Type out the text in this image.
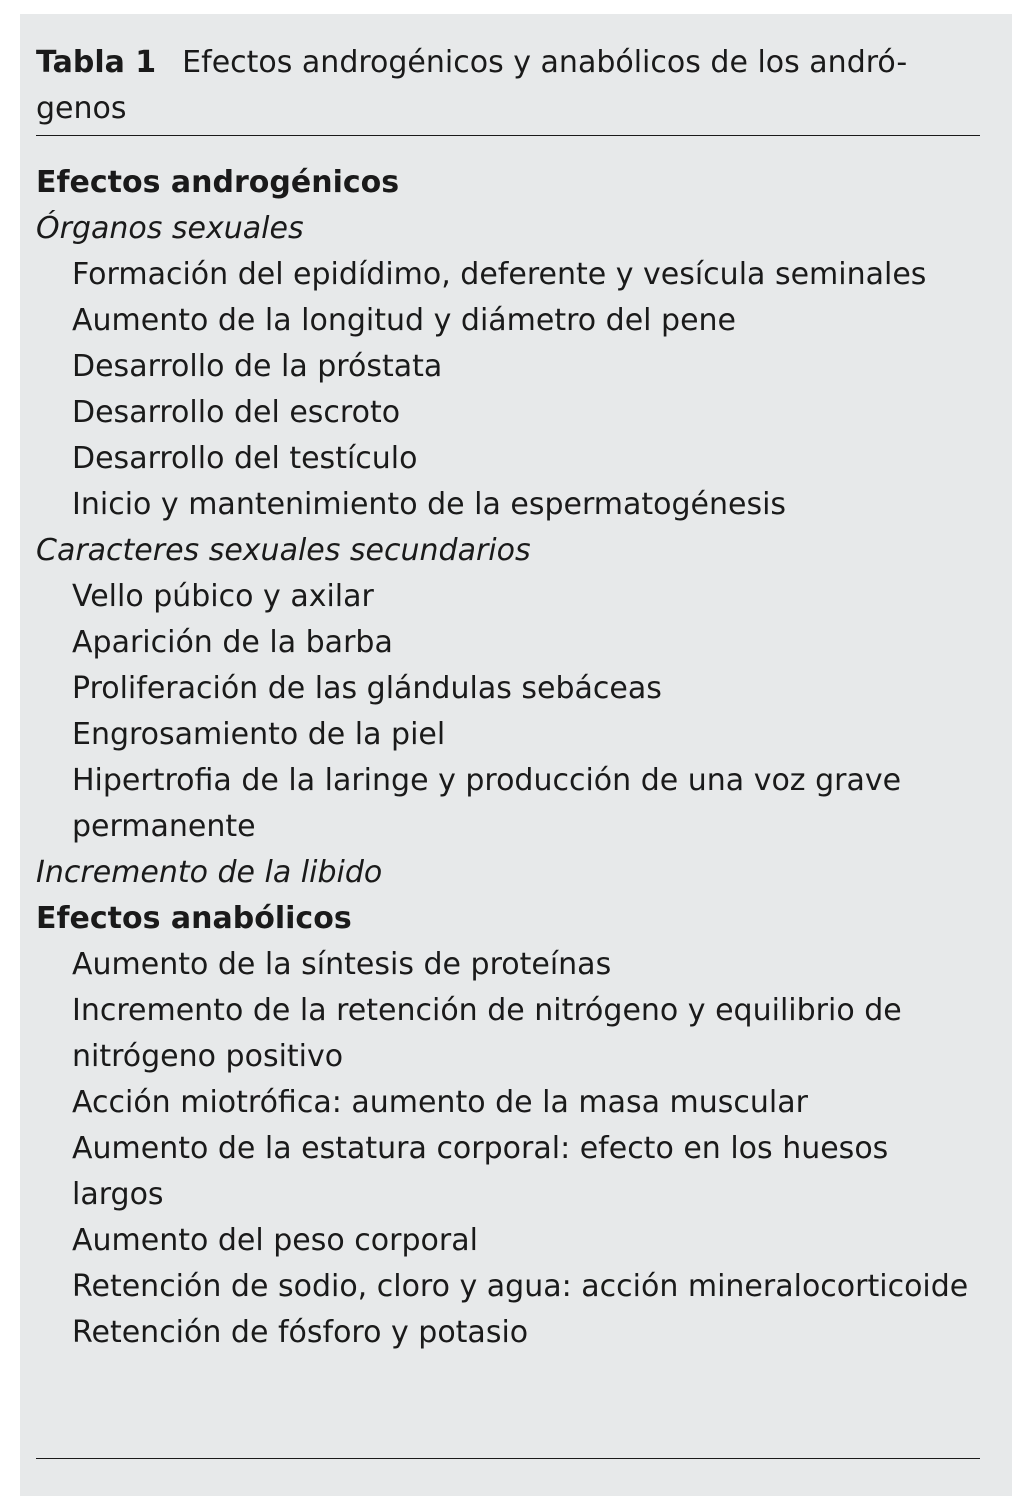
Tabla 1 Efectos androgénicos y anabólicos de los andró-genos

Efectos androgénicos

Órganos sexuales

Formación del epidídimo, deferente y vesícula seminales

Aumento de la longitud y diámetro del pene

Desarrollo de la próstata

Desarrollo del escroto

Desarrollo del testículo

Inicio y mantenimiento de la espermatogénesis

Caracteres sexuales secundarios

Vello púbico y axilar

Aparición de la barba

Proliferación de las glándulas sebáceas

Engrosamiento de la piel

Hipertrofia de la laringe y producción de una voz grave permanente

Incremento de la libido

Efectos anabólicos

Aumento de la síntesis de proteínas

Incremento de la retención de nitrógeno y equilibrio de nitrógeno positivo

Acción miotrófica: aumento de la masa muscular

Aumento de la estatura corporal: efecto en los huesos largos

Aumento del peso corporal

Retención de sodio, cloro y agua: acción mineralocorticoide

Retención de fósforo y potasio
